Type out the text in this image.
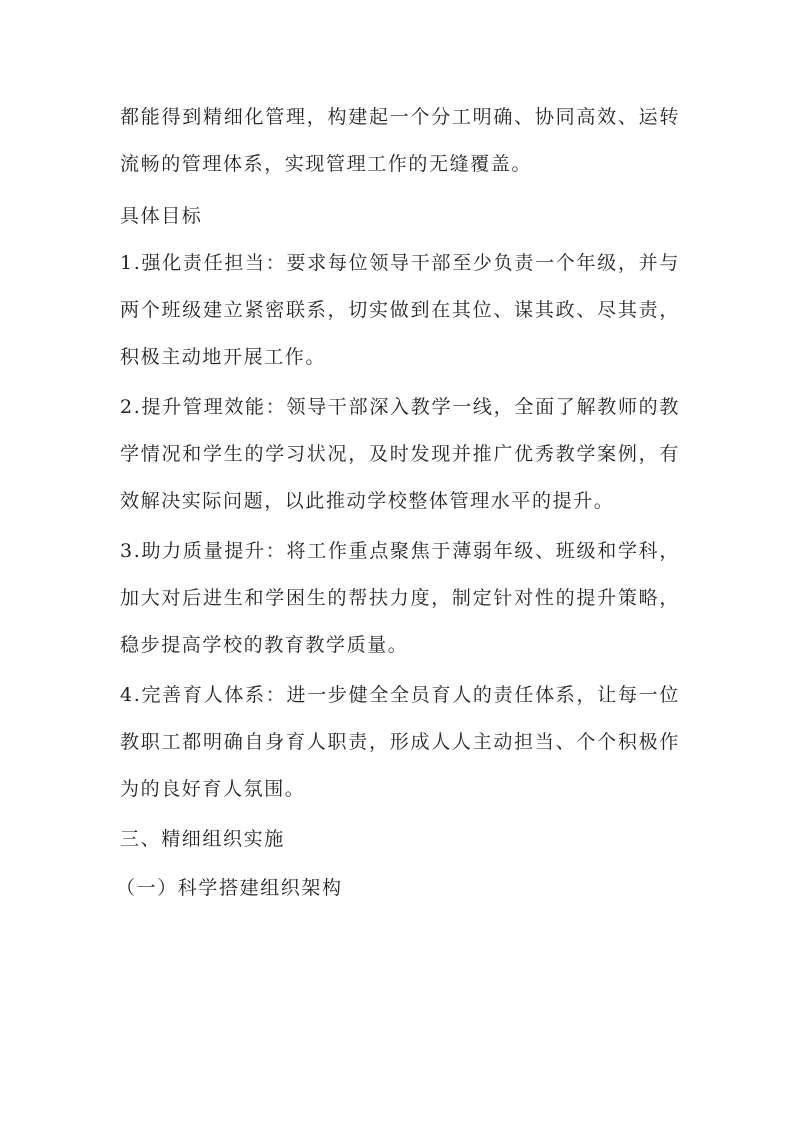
都能得到精细化管理，构建起一个分工明确、协同高效、运转流畅的管理体系，实现管理工作的无缝覆盖。

具体目标

1.强化责任担当：要求每位领导干部至少负责一个年级，并与两个班级建立紧密联系，切实做到在其位、谋其政、尽其责，积极主动地开展工作。

2.提升管理效能：领导干部深入教学一线，全面了解教师的教学情况和学生的学习状况，及时发现并推广优秀教学案例，有效解决实际问题，以此推动学校整体管理水平的提升。

3.助力质量提升：将工作重点聚焦于薄弱年级、班级和学科，加大对后进生和学困生的帮扶力度，制定针对性的提升策略，稳步提高学校的教育教学质量。

4.完善育人体系：进一步健全全员育人的责任体系，让每一位教职工都明确自身育人职责，形成人人主动担当、个个积极作为的良好育人氛围。

三、精细组织实施

（一）科学搭建组织架构
